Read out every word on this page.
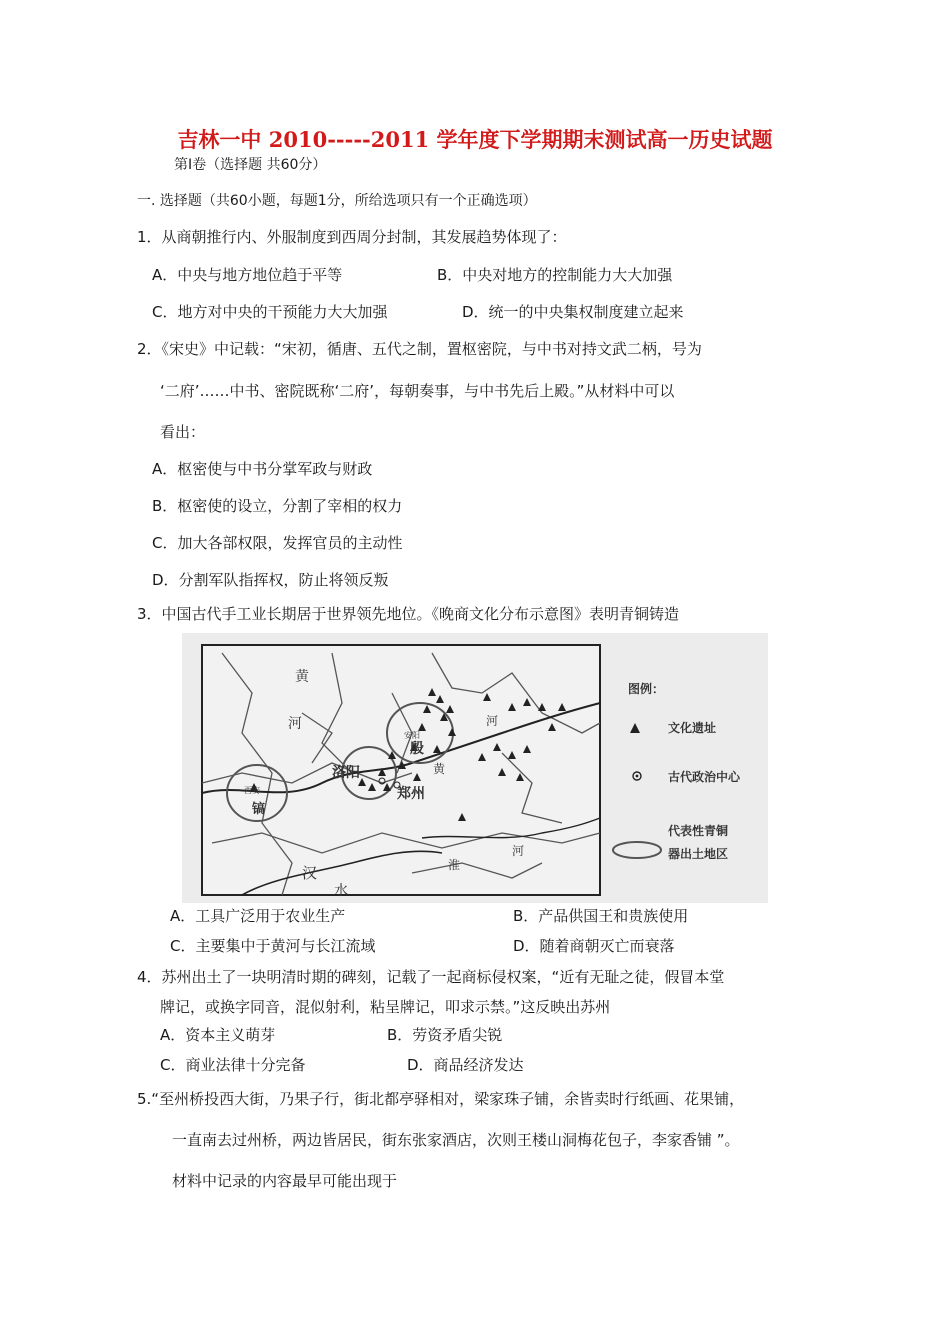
吉林一中 2010-----2011 学年度下学期期末测试高一历史试题
第Ⅰ卷（选择题 共60分）
一. 选择题（共60小题，每题1分，所给选项只有一个正确选项）
1．从商朝推行内、外服制度到西周分封制，其发展趋势体现了：
A．中央与地方地位趋于平等	B．中央对地方的控制能力大大加强
C．地方对中央的干预能力大大加强	D．统一的中央集权制度建立起来
2．《宋史》中记载：“宋初，循唐、五代之制，置枢密院，与中书对持文武二柄，号为
‘二府’……中书、密院既称‘二府’，每朝奏事，与中书先后上殿。”从材料中可以
看出：
A．枢密使与中书分掌军政与财政
B．枢密使的设立，分割了宰相的权力
C．加大各部权限，发挥官员的主动性
D．分割军队指挥权，防止将领反叛
3．中国古代手工业长期居于世界领先地位。《晚商文化分布示意图》表明青铜铸造
黄
河	河
黄
河
汉
水
淮
洛阳
郑州
殷
镐
西安
安阳
图例：
文化遗址
古代政治中心
代表性青铜
器出土地区
A．工具广泛用于农业生产	B．产品供国王和贵族使用
C．主要集中于黄河与长江流域	D．随着商朝灭亡而衰落
4．苏州出土了一块明清时期的碑刻，记载了一起商标侵权案，“近有无耻之徒，假冒本堂
牌记，或换字同音，混似射利，粘呈牌记，叩求示禁。”这反映出苏州
A．资本主义萌芽	B．劳资矛盾尖锐
C．商业法律十分完备	D．商品经济发达
5.“至州桥投西大街，乃果子行，街北都亭驿相对，梁家珠子铺，余皆卖时行纸画、花果铺，
一直南去过州桥，两边皆居民，街东张家酒店，次则王楼山洞梅花包子，李家香铺 ”。
材料中记录的内容最早可能出现于
